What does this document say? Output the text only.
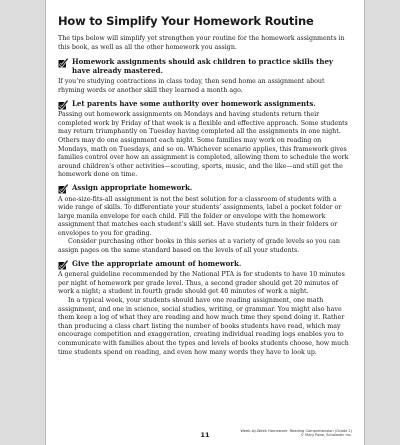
How to Simplify Your Homework Routine

The tips below will simplify yet strengthen your routine for the homework assignments in this book, as well as all the other homework you assign.

Homework assignments should ask children to practice skills they have already mastered.

If you’re studying contractions in class today, then send home an assignment about rhyming words or another skill they learned a month ago.

Let parents have some authority over homework assignments.

Passing out homework assignments on Mondays and having students return their completed work by Friday of that week is a flexible and effective approach. Some students may return triumphantly on Tuesday having completed all the assignments in one night. Others may do one assignment each night. Some families may work on reading on Mondays, math on Tuesdays, and so on. Whichever scenario applies, this framework gives families control over how an assignment is completed, allowing them to schedule the work around children’s other activities—scouting, sports, music, and the like—and still get the homework done on time.

Assign appropriate homework.

A one-size-fits-all assignment is not the best solution for a classroom of students with a wide range of skills. To differentiate your students’ assignments, label a pocket folder or large manila envelope for each child. Fill the folder or envelope with the homework assignment that matches each student’s skill set. Have students turn in their folders or envelopes to you for grading.

Consider purchasing other books in this series at a variety of grade levels so you can assign pages on the same standard based on the levels of all your students.

Give the appropriate amount of homework.

A general guideline recommended by the National PTA is for students to have 10 minutes per night of homework per grade level. Thus, a second grader should get 20 minutes of work a night; a student in fourth grade should get 40 minutes of work a night.

In a typical week, your students should have one reading assignment, one math assignment, and one in science, social studies, writing, or grammar. You might also have them keep a log of what they are reading and how much time they spend doing it. Rather than producing a class chart listing the number of books students have read, which may encourage competition and exaggeration, creating individual reading logs enables you to communicate with families about the types and levels of books students choose, how much time students spend on reading, and even how many words they have to look up.

11
Week-by-Week Homework: Reading Comprehension (Grade 2)
© Mary Rose, Scholastic Inc.
